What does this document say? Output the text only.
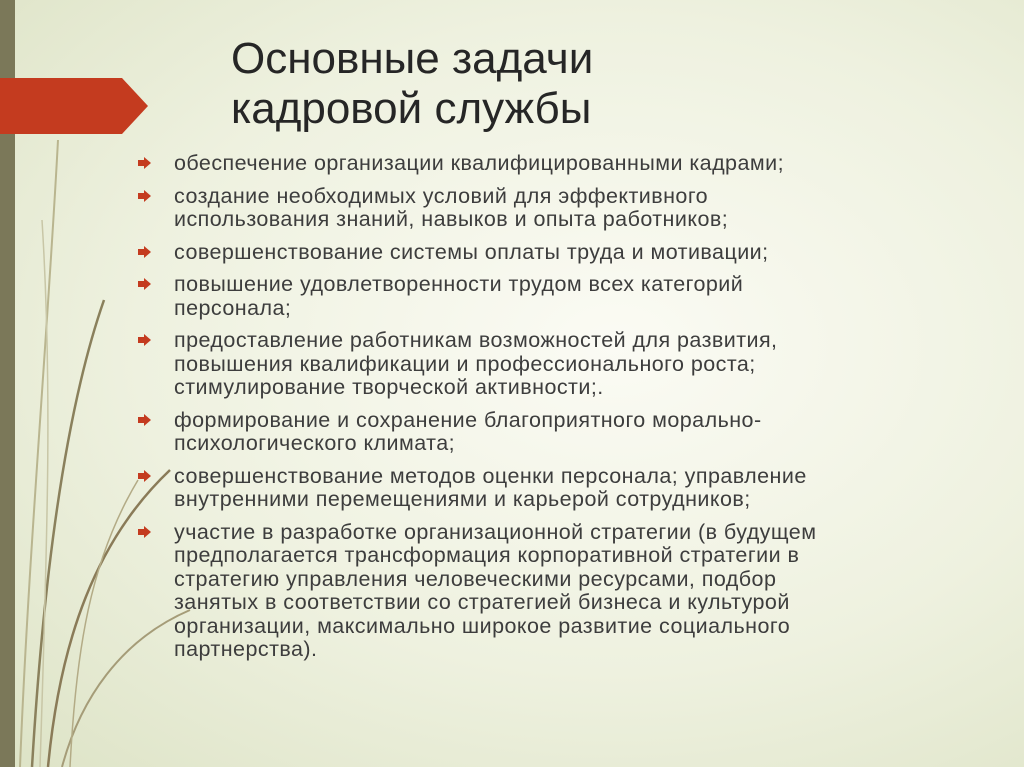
Основные задачи
кадровой службы
обеспечение организации квалифицированными кадрами;
создание необходимых условий для эффективного
использования знаний, навыков и опыта работников;
совершенствование системы оплаты труда и мотивации;
повышение удовлетворенности трудом всех категорий
персонала;
предоставление работникам возможностей для развития,
повышения квалификации и профессионального роста;
стимулирование творческой активности;.
формирование и сохранение благоприятного морально-
психологического климата;
совершенствование методов оценки персонала; управление
внутренними перемещениями и карьерой сотрудников;
участие в разработке организационной стратегии (в будущем
предполагается трансформация корпоративной стратегии в
стратегию управления человеческими ресурсами, подбор
занятых в соответствии со стратегией бизнеса и культурой
организации, максимально широкое развитие социального
партнерства).
